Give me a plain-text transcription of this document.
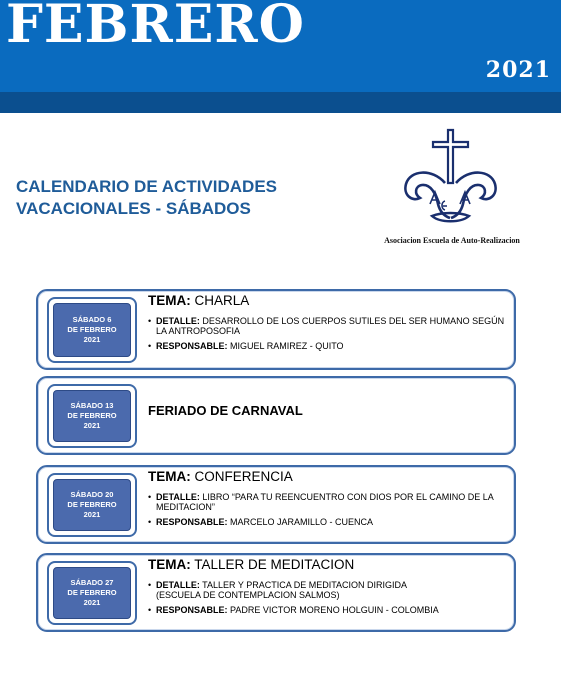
FEBRERO
2021
CALENDARIO DE ACTIVIDADES
VACACIONALES - SÁBADOS
Asociacion Escuela de Auto-Realizacion
SÁBADO 6
DE FEBRERO
2021
TEMA: CHARLA
• DETALLE: DESARROLLO DE LOS CUERPOS SUTILES DEL SER HUMANO SEGÚN LA ANTROPOSOFIA
• RESPONSABLE: MIGUEL RAMIREZ - QUITO
SÁBADO 13
DE FEBRERO
2021
FERIADO DE CARNAVAL
SÁBADO 20
DE FEBRERO
2021
TEMA: CONFERENCIA
• DETALLE: LIBRO “PARA TU REENCUENTRO CON DIOS POR EL CAMINO DE LA MEDITACION”
• RESPONSABLE: MARCELO JARAMILLO - CUENCA
SÁBADO 27
DE FEBRERO
2021
TEMA: TALLER DE MEDITACION
• DETALLE: TALLER Y PRACTICA DE MEDITACION DIRIGIDA (ESCUELA DE CONTEMPLACION SALMOS)
• RESPONSABLE: PADRE VICTOR MORENO HOLGUIN - COLOMBIA
